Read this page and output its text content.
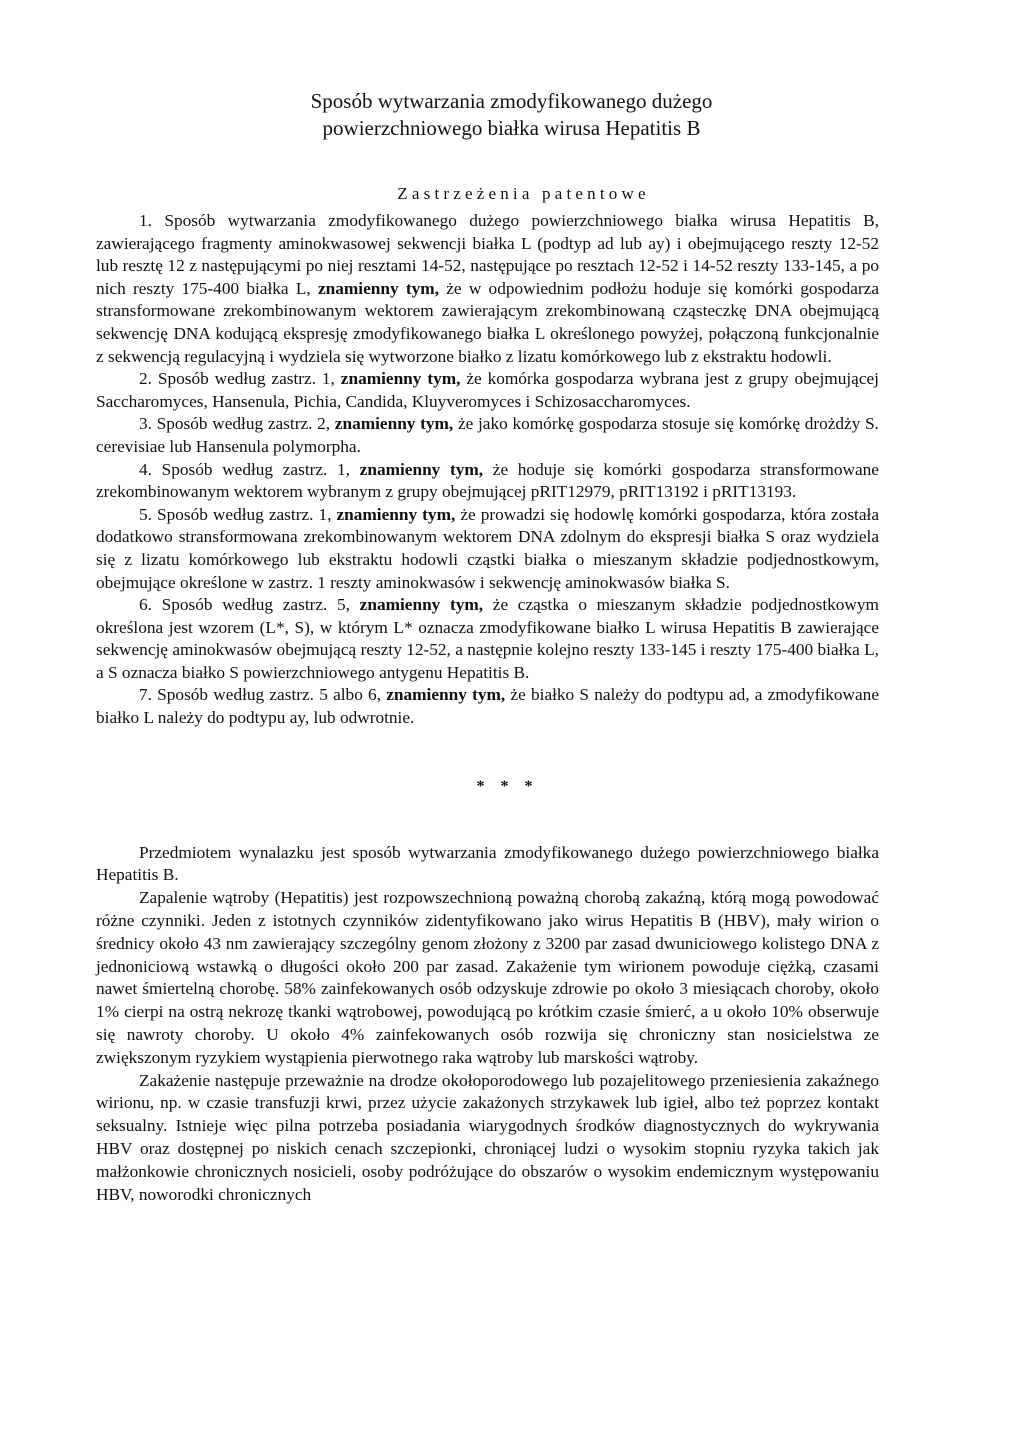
Sposób wytwarzania zmodyfikowanego dużego
powierzchniowego białka wirusa Hepatitis B
Zastrzeżenia patentowe

1. Sposób wytwarzania zmodyfikowanego dużego powierzchniowego białka wirusa Hepatitis B, zawierającego fragmenty aminokwasowej sekwencji białka L (podtyp ad lub ay) i obejmującego reszty 12-52 lub resztę 12 z następującymi po niej resztami 14-52, następujące po resztach 12-52 i 14-52 reszty 133-145, a po nich reszty 175-400 białka L, znamienny tym, że w odpowiednim podłożu hoduje się komórki gospodarza stransformowane zrekombinowanym wektorem zawierającym zrekombinowaną cząsteczkę DNA obejmującą sekwencję DNA kodującą ekspresję zmodyfikowanego białka L określonego powyżej, połączoną funkcjonalnie z sekwencją regulacyjną i wydziela się wytworzone białko z lizatu komórkowego lub z ekstraktu hodowli.

2. Sposób według zastrz. 1, znamienny tym, że komórka gospodarza wybrana jest z grupy obejmującej Saccharomyces, Hansenula, Pichia, Candida, Kluyveromyces i Schizosaccharomyces.

3. Sposób według zastrz. 2, znamienny tym, że jako komórkę gospodarza stosuje się komórkę drożdży S. cerevisiae lub Hansenula polymorpha.

4. Sposób według zastrz. 1, znamienny tym, że hoduje się komórki gospodarza stransformowane zrekombinowanym wektorem wybranym z grupy obejmującej pRIT12979, pRIT13192 i pRIT13193.

5. Sposób według zastrz. 1, znamienny tym, że prowadzi się hodowlę komórki gospodarza, która została dodatkowo stransformowana zrekombinowanym wektorem DNA zdolnym do ekspresji białka S oraz wydziela się z lizatu komórkowego lub ekstraktu hodowli cząstki białka o mieszanym składzie podjednostkowym, obejmujące określone w zastrz. 1 reszty aminokwasów i sekwencję aminokwasów białka S.

6. Sposób według zastrz. 5, znamienny tym, że cząstka o mieszanym składzie podjednostkowym określona jest wzorem (L*, S), w którym L* oznacza zmodyfikowane białko L wirusa Hepatitis B zawierające sekwencję aminokwasów obejmującą reszty 12-52, a następnie kolejno reszty 133-145 i reszty 175-400 białka L, a S oznacza białko S powierzchniowego antygenu Hepatitis B.

7. Sposób według zastrz. 5 albo 6, znamienny tym, że białko S należy do podtypu ad, a zmodyfikowane białko L należy do podtypu ay, lub odwrotnie.

* * *

Przedmiotem wynalazku jest sposób wytwarzania zmodyfikowanego dużego powierzchniowego białka Hepatitis B.

Zapalenie wątroby (Hepatitis) jest rozpowszechnioną poważną chorobą zakaźną, którą mogą powodować różne czynniki. Jeden z istotnych czynników zidentyfikowano jako wirus Hepatitis B (HBV), mały wirion o średnicy około 43 nm zawierający szczególny genom złożony z 3200 par zasad dwuniciowego kolistego DNA z jednoniciową wstawką o długości około 200 par zasad. Zakażenie tym wirionem powoduje ciężką, czasami nawet śmiertelną chorobę. 58% zainfekowanych osób odzyskuje zdrowie po około 3 miesiącach choroby, około 1% cierpi na ostrą nekrozę tkanki wątrobowej, powodującą po krótkim czasie śmierć, a u około 10% obserwuje się nawroty choroby. U około 4% zainfekowanych osób rozwija się chroniczny stan nosicielstwa ze zwiększonym ryzykiem wystąpienia pierwotnego raka wątroby lub marskości wątroby.

Zakażenie następuje przeważnie na drodze okołoporodowego lub pozajelitowego przeniesienia zakaźnego wirionu, np. w czasie transfuzji krwi, przez użycie zakażonych strzykawek lub igieł, albo też poprzez kontakt seksualny. Istnieje więc pilna potrzeba posiadania wiarygodnych środków diagnostycznych do wykrywania HBV oraz dostępnej po niskich cenach szczepionki, chroniącej ludzi o wysokim stopniu ryzyka takich jak małżonkowie chronicznych nosicieli, osoby podróżujące do obszarów o wysokim endemicznym występowaniu HBV, noworodki chronicznych
